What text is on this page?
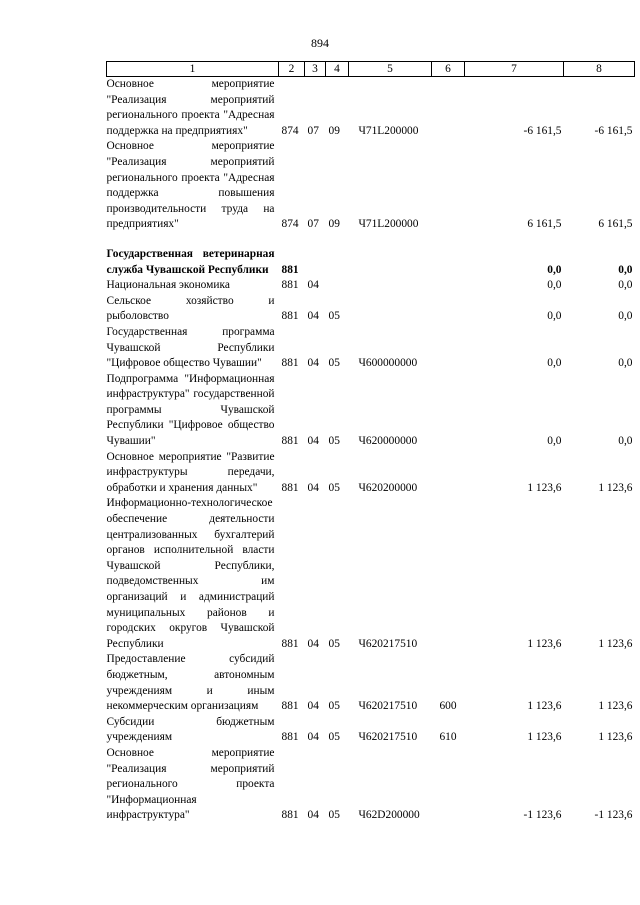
894
1	2	3	4	5	6	7	8
Основное мероприятие "Реализация мероприятий регионального проекта "Адресная поддержка на предприятиях"	874	07	09	Ч71L200000		-6 161,5	-6 161,5
Основное мероприятие "Реализация мероприятий регионального проекта "Адресная поддержка повышения производительности труда на предприятиях"	874	07	09	Ч71L200000		6 161,5	6 161,5

Государственная ветеринарная служба Чувашской Республики	881					0,0	0,0
Национальная экономика	881	04				0,0	0,0
Сельское хозяйство и рыболовство	881	04	05			0,0	0,0
Государственная программа Чувашской Республики "Цифровое общество Чувашии"	881	04	05	Ч600000000		0,0	0,0
Подпрограмма "Информационная инфраструктура" государственной программы Чувашской Республики "Цифровое общество Чувашии"	881	04	05	Ч620000000		0,0	0,0
Основное мероприятие "Развитие инфраструктуры передачи, обработки и хранения данных"	881	04	05	Ч620200000		1 123,6	1 123,6
Информационно-технологическое обеспечение деятельности централизованных бухгалтерий органов исполнительной власти Чувашской Республики, подведомственных им организаций и администраций муниципальных районов и городских округов Чувашской Республики	881	04	05	Ч620217510		1 123,6	1 123,6
Предоставление субсидий бюджетным, автономным учреждениям и иным некоммерческим организациям	881	04	05	Ч620217510	600	1 123,6	1 123,6
Субсидии бюджетным учреждениям	881	04	05	Ч620217510	610	1 123,6	1 123,6
Основное мероприятие "Реализация мероприятий регионального проекта "Информационная инфраструктура"	881	04	05	Ч62D200000		-1 123,6	-1 123,6
